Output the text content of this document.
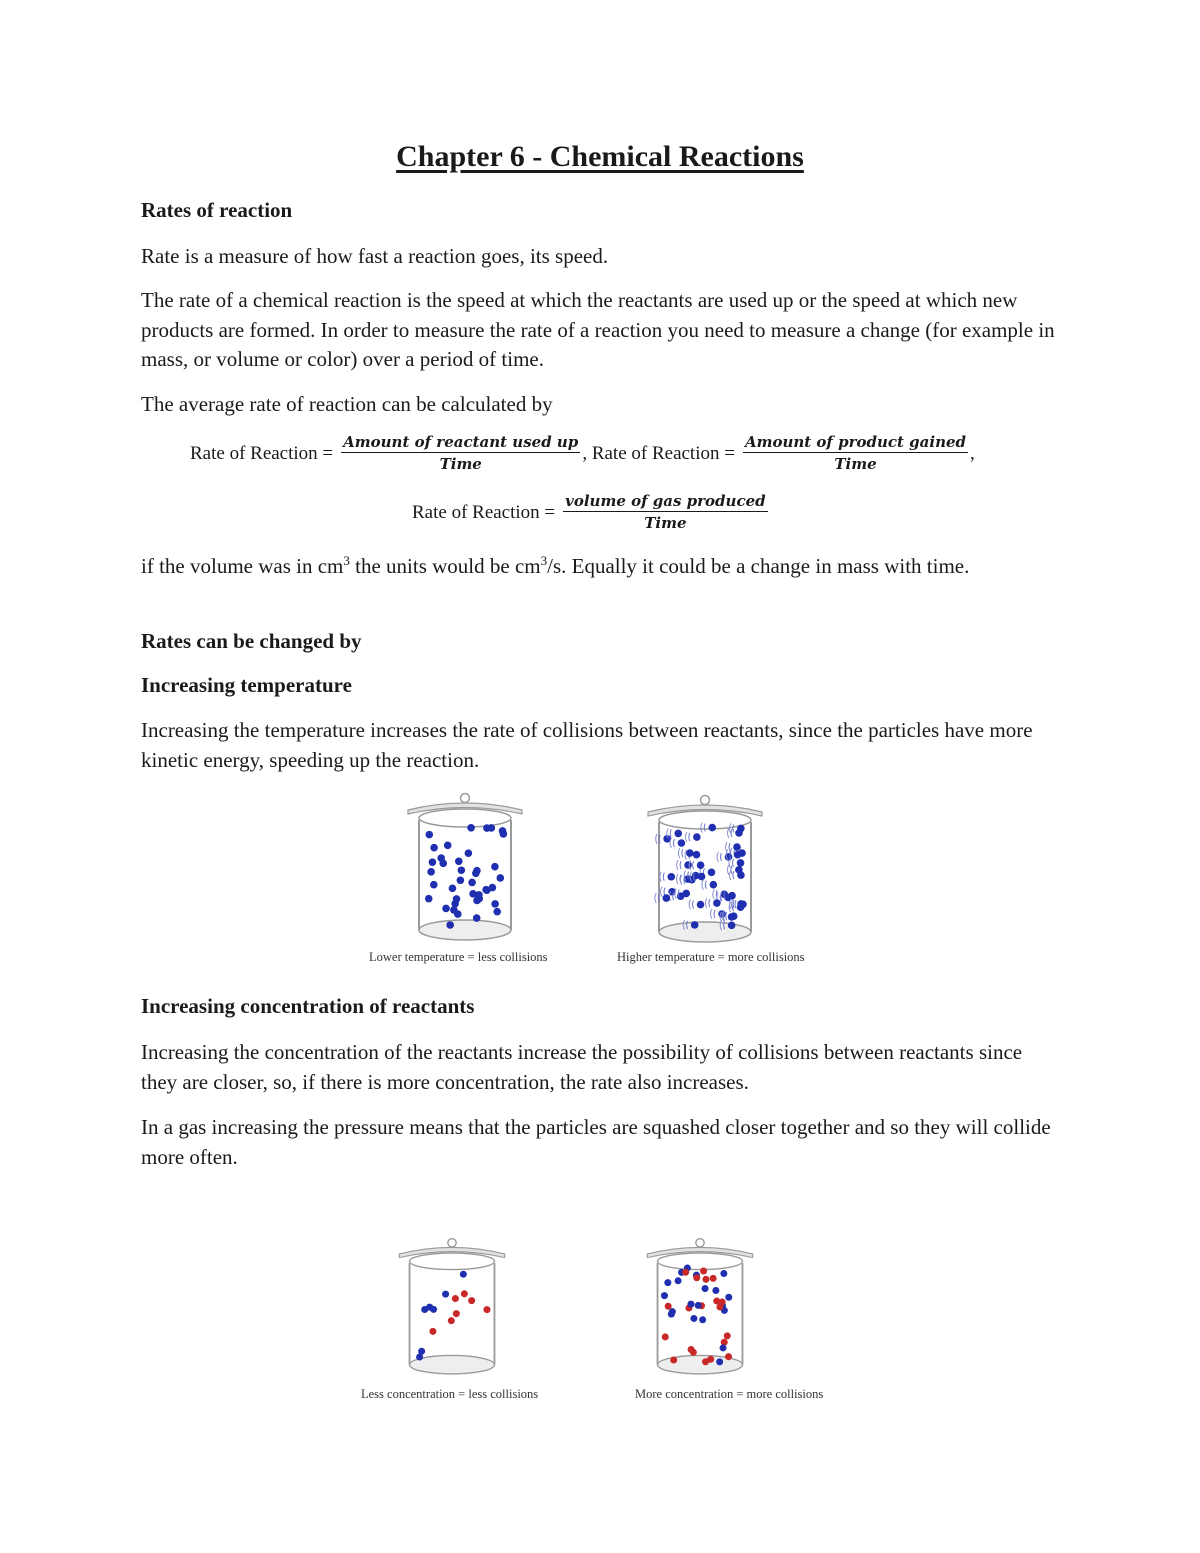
Chapter 6 - Chemical Reactions
Rates of reaction
Rate is a measure of how fast a reaction goes, its speed.
The rate of a chemical reaction is the speed at which the reactants are used up or the speed at which new products are formed. In order to measure the rate of a reaction you need to measure a change (for example in mass, or volume or color) over a period of time.
The average rate of reaction can be calculated by
Rate of Reaction = $\frac{\text{Amount of reactant used up}}{\text{Time}}$ , Rate of Reaction = $\frac{\text{Amount of product gained}}{\text{Time}}$ ,
Rate of Reaction = $\frac{\text{volume of gas produced}}{\text{Time}}$
if the volume was in $cm^3$ the units would be $cm^3/s$. Equally it could be a change in mass with time.
Rates can be changed by
Increasing temperature
Increasing the temperature increases the rate of collisions between reactants, since the particles have more kinetic energy, speeding up the reaction.
Lower temperature = less collisions	Higher temperature = more collisions
Increasing concentration of reactants
Increasing the concentration of the reactants increase the possibility of collisions between reactants since they are closer, so, if there is more concentration, the rate also increases.
In a gas increasing the pressure means that the particles are squashed closer together and so they will collide more often.
Less concentration = less collisions	More concentration = more collisions
